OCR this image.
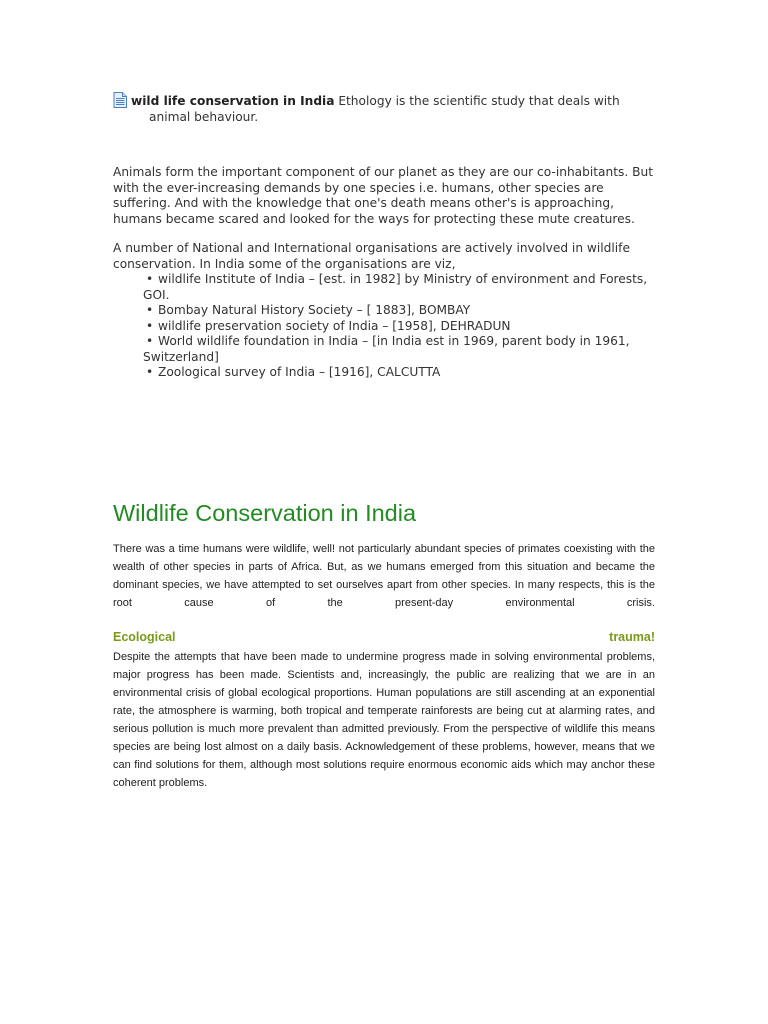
wild life conservation in India Ethology is the scientific study that deals with
animal behaviour.

Animals form the important component of our planet as they are our co-inhabitants. But with the ever-increasing demands by one species i.e. humans, other species are suffering. And with the knowledge that one's death means other's is approaching, humans became scared and looked for the ways for protecting these mute creatures.

A number of National and International organisations are actively involved in wildlife conservation. In India some of the organisations are viz,
• wildlife Institute of India – [est. in 1982] by Ministry of environment and Forests, GOI.
• Bombay Natural History Society – [ 1883], BOMBAY
• wildlife preservation society of India – [1958], DEHRADUN
• World wildlife foundation in India – [in India est in 1969, parent body in 1961, Switzerland]
• Zoological survey of India – [1916], CALCUTTA
Wildlife Conservation in India

There was a time humans were wildlife, well! not particularly abundant species of primates coexisting with the wealth of other species in parts of Africa. But, as we humans emerged from this situation and became the dominant species, we have attempted to set ourselves apart from other species. In many respects, this is the root cause of the present-day environmental crisis.

Ecological	trauma!

Despite the attempts that have been made to undermine progress made in solving environmental problems, major progress has been made. Scientists and, increasingly, the public are realizing that we are in an environmental crisis of global ecological proportions. Human populations are still ascending at an exponential rate, the atmosphere is warming, both tropical and temperate rainforests are being cut at alarming rates, and serious pollution is much more prevalent than admitted previously. From the perspective of wildlife this means species are being lost almost on a daily basis. Acknowledgement of these problems, however, means that we can find solutions for them, although most solutions require enormous economic aids which may anchor these coherent problems.
